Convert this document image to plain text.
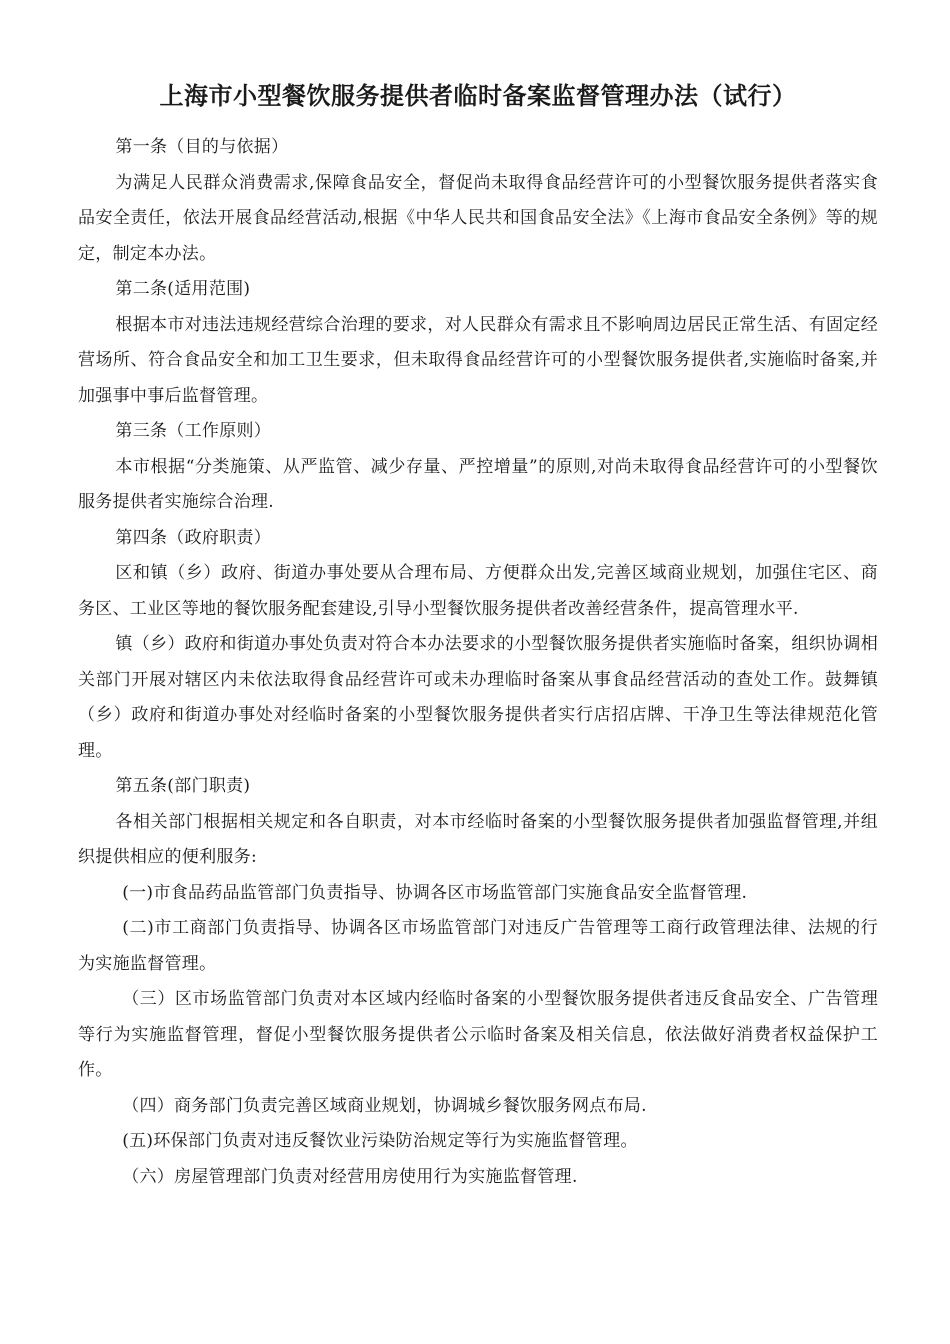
上海市小型餐饮服务提供者临时备案监督管理办法（试行）

第一条（目的与依据）

为满足人民群众消费需求,保障食品安全，督促尚未取得食品经营许可的小型餐饮服务提供者落实食品安全责任，依法开展食品经营活动,根据《中华人民共和国食品安全法》《上海市食品安全条例》等的规定，制定本办法。

第二条(适用范围)

根据本市对违法违规经营综合治理的要求，对人民群众有需求且不影响周边居民正常生活、有固定经营场所、符合食品安全和加工卫生要求，但未取得食品经营许可的小型餐饮服务提供者,实施临时备案,并加强事中事后监督管理。

第三条（工作原则）

本市根据“分类施策、从严监管、减少存量、严控增量”的原则,对尚未取得食品经营许可的小型餐饮服务提供者实施综合治理.

第四条（政府职责）

区和镇（乡）政府、街道办事处要从合理布局、方便群众出发,完善区域商业规划，加强住宅区、商务区、工业区等地的餐饮服务配套建设,引导小型餐饮服务提供者改善经营条件，提高管理水平.

镇（乡）政府和街道办事处负责对符合本办法要求的小型餐饮服务提供者实施临时备案，组织协调相关部门开展对辖区内未依法取得食品经营许可或未办理临时备案从事食品经营活动的查处工作。鼓舞镇（乡）政府和街道办事处对经临时备案的小型餐饮服务提供者实行店招店牌、干净卫生等法律规范化管理。

第五条(部门职责)

各相关部门根据相关规定和各自职责，对本市经临时备案的小型餐饮服务提供者加强监督管理,并组织提供相应的便利服务:

(一)市食品药品监管部门负责指导、协调各区市场监管部门实施食品安全监督管理.

(二)市工商部门负责指导、协调各区市场监管部门对违反广告管理等工商行政管理法律、法规的行为实施监督管理。

（三）区市场监管部门负责对本区域内经临时备案的小型餐饮服务提供者违反食品安全、广告管理等行为实施监督管理，督促小型餐饮服务提供者公示临时备案及相关信息，依法做好消费者权益保护工作。

（四）商务部门负责完善区域商业规划，协调城乡餐饮服务网点布局.

(五)环保部门负责对违反餐饮业污染防治规定等行为实施监督管理。

（六）房屋管理部门负责对经营用房使用行为实施监督管理.
